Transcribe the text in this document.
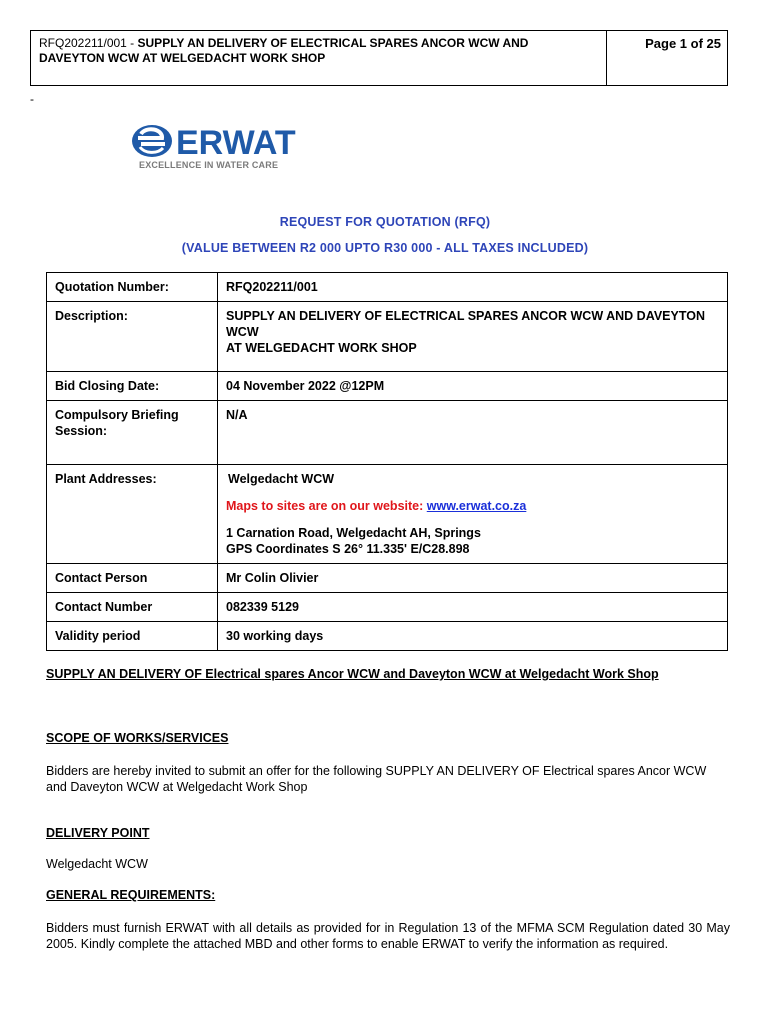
RFQ202211/001 - SUPPLY AN DELIVERY OF ELECTRICAL SPARES ANCOR WCW AND
DAVEYTON WCW AT WELGEDACHT WORK SHOP
Page 1 of 25
-
ERWAT
EXCELLENCE IN WATER CARE
REQUEST FOR QUOTATION (RFQ)
(VALUE BETWEEN R2 000 UPTO R30 000 - ALL TAXES INCLUDED)
Quotation Number:	RFQ202211/001
Description:	SUPPLY AN DELIVERY OF ELECTRICAL SPARES ANCOR WCW AND DAVEYTON WCW
AT WELGEDACHT WORK SHOP
Bid Closing Date:	04 November 2022 @12PM
Compulsory Briefing Session:	N/A
Plant Addresses:	Welgedacht WCW
Maps to sites are on our website: www.erwat.co.za
1 Carnation Road, Welgedacht AH, Springs
GPS Coordinates S 26° 11.335' E/C28.898

Contact Person	Mr Colin Olivier
Contact Number	082339 5129
Validity period	30 working days
SUPPLY AN DELIVERY OF Electrical spares Ancor WCW and Daveyton WCW at Welgedacht Work Shop
SCOPE OF WORKS/SERVICES
Bidders are hereby invited to submit an offer for the following SUPPLY AN DELIVERY OF Electrical spares Ancor WCW and Daveyton WCW at Welgedacht Work Shop
DELIVERY POINT
Welgedacht WCW
GENERAL REQUIREMENTS:
Bidders must furnish ERWAT with all details as provided for in Regulation 13 of the MFMA SCM Regulation dated 30 May 2005. Kindly complete the attached MBD and other forms to enable ERWAT to verify the information as required.
